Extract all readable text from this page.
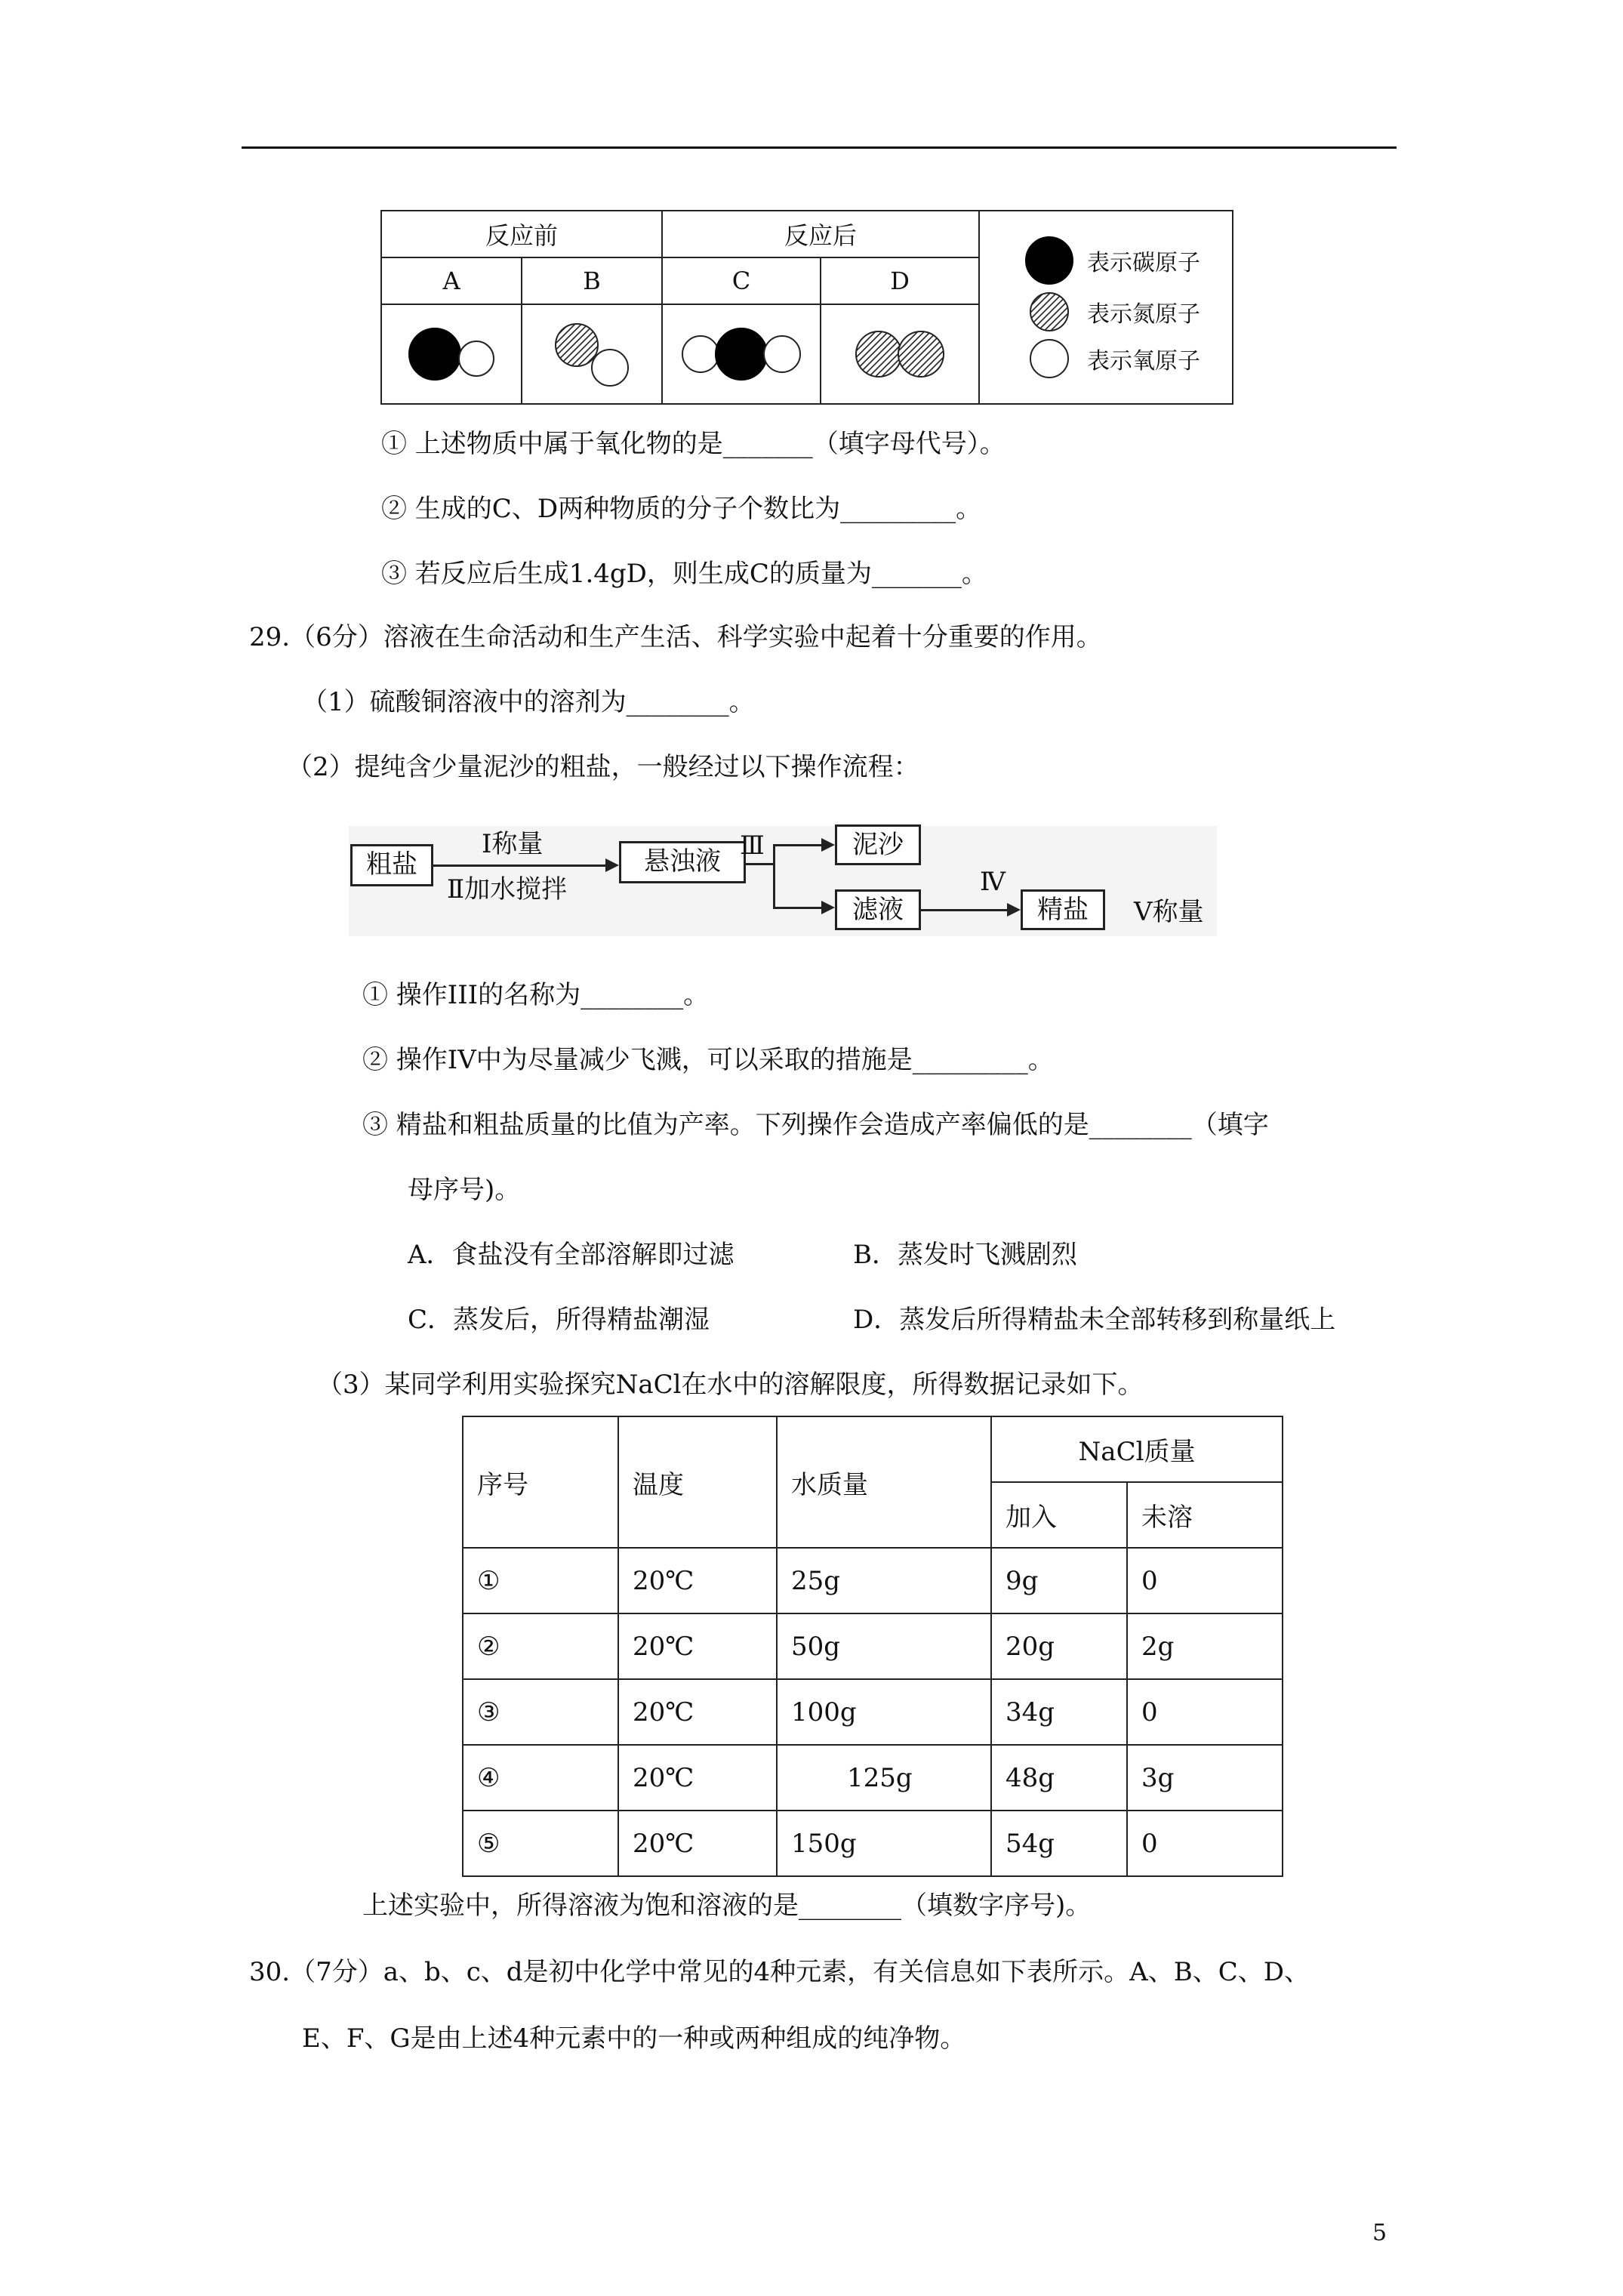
反应前		反应后		表示碳原子
表示氮原子
表示氧原子

A	B	C	D	

① 上述物质中属于氧化物的是_______（填字母代号）。
② 生成的C、D两种物质的分子个数比为_________。
③ 若反应后生成1.4gD，则生成C的质量为_______。
29.（6分）溶液在生命活动和生产生活、科学实验中起着十分重要的作用。
（1）硫酸铜溶液中的溶剂为________。
（2）提纯含少量泥沙的粗盐，一般经过以下操作流程：
粗盐
Ⅰ称量
Ⅱ加水搅拌
悬浊液
Ⅲ	泥沙
滤液
Ⅳ
精盐	Ⅴ称量
① 操作III的名称为________。
② 操作IV中为尽量减少飞溅，可以采取的措施是_________。
③ 精盐和粗盐质量的比值为产率。下列操作会造成产率偏低的是________（填字
母序号)。
A．食盐没有全部溶解即过滤	B．蒸发时飞溅剧烈
C．蒸发后，所得精盐潮湿	D．蒸发后所得精盐未全部转移到称量纸上
（3）某同学利用实验探究NaCl在水中的溶解限度，所得数据记录如下。
序号	温度	水质量	NaCl质量	
			加入	未溶
①	20℃	25g	9g	0
②	20℃	50g	20g	2g
③	20℃	100g	34g	0
④	20℃	125g	48g	3g
⑤	20℃	150g	54g	0
上述实验中，所得溶液为饱和溶液的是________（填数字序号)。
30.（7分）a、b、c、d是初中化学中常见的4种元素，有关信息如下表所示。A、B、C、D、
E、F、G是由上述4种元素中的一种或两种组成的纯净物。
5
